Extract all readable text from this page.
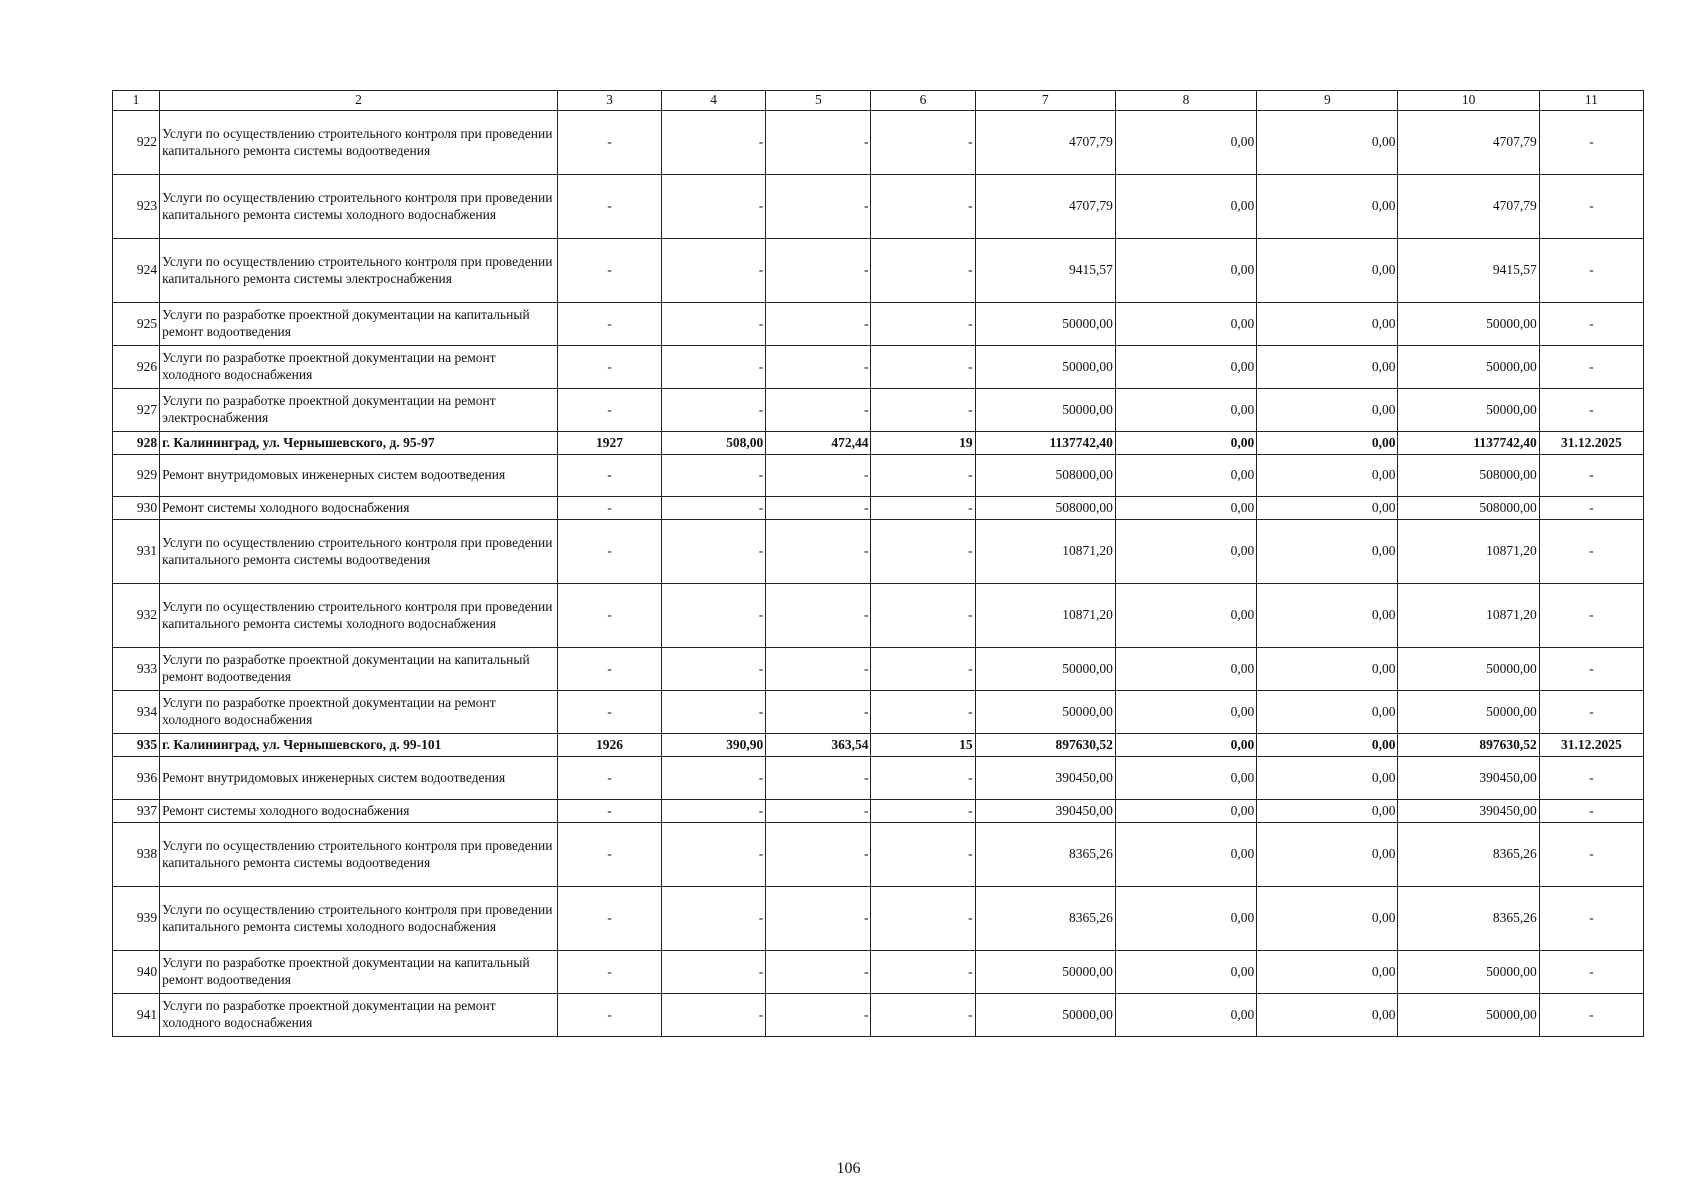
1	2	3	4	5	6	7	8	9	10	11
922	Услуги по осуществлению строительного контроля при проведении капитального ремонта системы водоотведения	-	-	-	-	4707,79	0,00	0,00	4707,79	-
923	Услуги по осуществлению строительного контроля при проведении капитального ремонта системы холодного водоснабжения	-	-	-	-	4707,79	0,00	0,00	4707,79	-
924	Услуги по осуществлению строительного контроля при проведении капитального ремонта системы электроснабжения	-	-	-	-	9415,57	0,00	0,00	9415,57	-
925	Услуги по разработке проектной документации на капитальный ремонт водоотведения	-	-	-	-	50000,00	0,00	0,00	50000,00	-
926	Услуги по разработке проектной документации на ремонт холодного водоснабжения	-	-	-	-	50000,00	0,00	0,00	50000,00	-
927	Услуги по разработке проектной документации на ремонт электроснабжения	-	-	-	-	50000,00	0,00	0,00	50000,00	-
928	г. Калининград, ул. Чернышевского, д. 95-97	1927	508,00	472,44	19	1137742,40	0,00	0,00	1137742,40	31.12.2025
929	Ремонт внутридомовых инженерных систем водоотведения	-	-	-	-	508000,00	0,00	0,00	508000,00	-
930	Ремонт системы холодного водоснабжения	-	-	-	-	508000,00	0,00	0,00	508000,00	-
931	Услуги по осуществлению строительного контроля при проведении капитального ремонта системы водоотведения	-	-	-	-	10871,20	0,00	0,00	10871,20	-
932	Услуги по осуществлению строительного контроля при проведении капитального ремонта системы холодного водоснабжения	-	-	-	-	10871,20	0,00	0,00	10871,20	-
933	Услуги по разработке проектной документации на капитальный ремонт водоотведения	-	-	-	-	50000,00	0,00	0,00	50000,00	-
934	Услуги по разработке проектной документации на ремонт холодного водоснабжения	-	-	-	-	50000,00	0,00	0,00	50000,00	-
935	г. Калининград, ул. Чернышевского, д. 99-101	1926	390,90	363,54	15	897630,52	0,00	0,00	897630,52	31.12.2025
936	Ремонт внутридомовых инженерных систем водоотведения	-	-	-	-	390450,00	0,00	0,00	390450,00	-
937	Ремонт системы холодного водоснабжения	-	-	-	-	390450,00	0,00	0,00	390450,00	-
938	Услуги по осуществлению строительного контроля при проведении капитального ремонта системы водоотведения	-	-	-	-	8365,26	0,00	0,00	8365,26	-
939	Услуги по осуществлению строительного контроля при проведении капитального ремонта системы холодного водоснабжения	-	-	-	-	8365,26	0,00	0,00	8365,26	-
940	Услуги по разработке проектной документации на капитальный ремонт водоотведения	-	-	-	-	50000,00	0,00	0,00	50000,00	-
941	Услуги по разработке проектной документации на ремонт холодного водоснабжения	-	-	-	-	50000,00	0,00	0,00	50000,00	-
106
